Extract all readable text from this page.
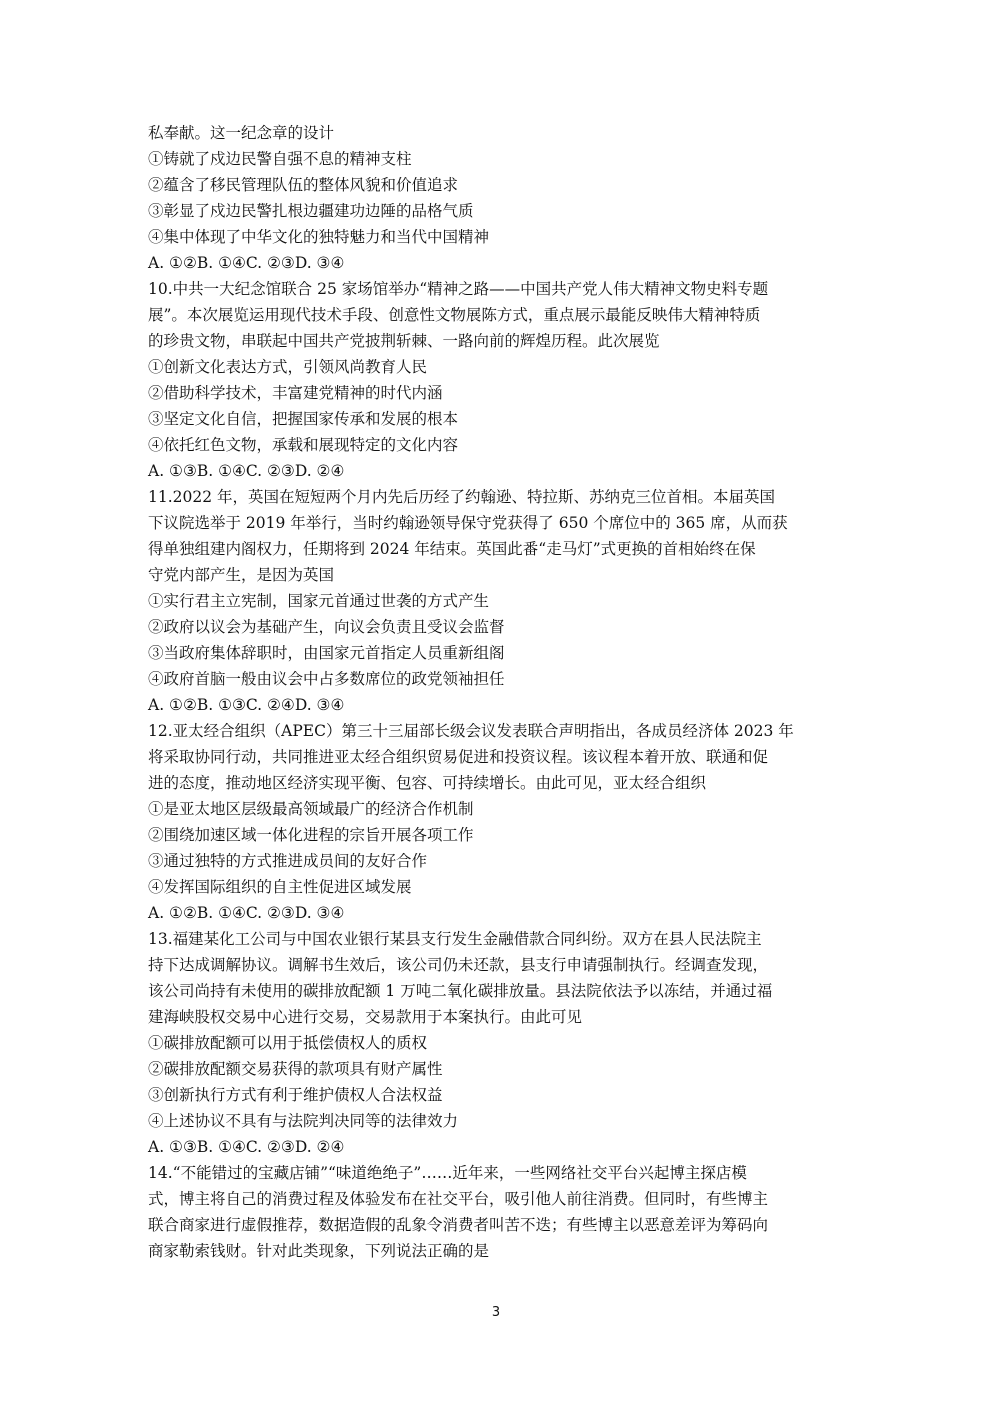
私奉献。这一纪念章的设计
①铸就了戍边民警自强不息的精神支柱
②蕴含了移民管理队伍的整体风貌和价值追求
③彰显了戍边民警扎根边疆建功边陲的品格气质
④集中体现了中华文化的独特魅力和当代中国精神
A. ①②B. ①④C. ②③D. ③④
10.中共一大纪念馆联合 25 家场馆举办“精神之路——中国共产党人伟大精神文物史料专题
展”。本次展览运用现代技术手段、创意性文物展陈方式，重点展示最能反映伟大精神特质
的珍贵文物，串联起中国共产党披荆斩棘、一路向前的辉煌历程。此次展览
①创新文化表达方式，引领风尚教育人民
②借助科学技术，丰富建党精神的时代内涵
③坚定文化自信，把握国家传承和发展的根本
④依托红色文物，承载和展现特定的文化内容
A. ①③B. ①④C. ②③D. ②④
11.2022 年，英国在短短两个月内先后历经了约翰逊、特拉斯、苏纳克三位首相。本届英国
下议院选举于 2019 年举行，当时约翰逊领导保守党获得了 650 个席位中的 365 席，从而获
得单独组建内阁权力，任期将到 2024 年结束。英国此番“走马灯”式更换的首相始终在保
守党内部产生，是因为英国
①实行君主立宪制，国家元首通过世袭的方式产生
②政府以议会为基础产生，向议会负责且受议会监督
③当政府集体辞职时，由国家元首指定人员重新组阁
④政府首脑一般由议会中占多数席位的政党领袖担任
A. ①②B. ①③C. ②④D. ③④
12.亚太经合组织（APEC）第三十三届部长级会议发表联合声明指出，各成员经济体 2023 年
将采取协同行动，共同推进亚太经合组织贸易促进和投资议程。该议程本着开放、联通和促
进的态度，推动地区经济实现平衡、包容、可持续增长。由此可见，亚太经合组织
①是亚太地区层级最高领域最广的经济合作机制
②围绕加速区域一体化进程的宗旨开展各项工作
③通过独特的方式推进成员间的友好合作
④发挥国际组织的自主性促进区域发展
A. ①②B. ①④C. ②③D. ③④
13.福建某化工公司与中国农业银行某县支行发生金融借款合同纠纷。双方在县人民法院主
持下达成调解协议。调解书生效后，该公司仍未还款，县支行申请强制执行。经调查发现，
该公司尚持有未使用的碳排放配额 1 万吨二氧化碳排放量。县法院依法予以冻结，并通过福
建海峡股权交易中心进行交易，交易款用于本案执行。由此可见
①碳排放配额可以用于抵偿债权人的质权
②碳排放配额交易获得的款项具有财产属性
③创新执行方式有利于维护债权人合法权益
④上述协议不具有与法院判决同等的法律效力
A. ①③B. ①④C. ②③D. ②④
14.“不能错过的宝藏店铺”“味道绝绝子”……近年来，一些网络社交平台兴起博主探店模
式，博主将自己的消费过程及体验发布在社交平台，吸引他人前往消费。但同时，有些博主
联合商家进行虚假推荐，数据造假的乱象令消费者叫苦不迭；有些博主以恶意差评为筹码向
商家勒索钱财。针对此类现象，下列说法正确的是
3
